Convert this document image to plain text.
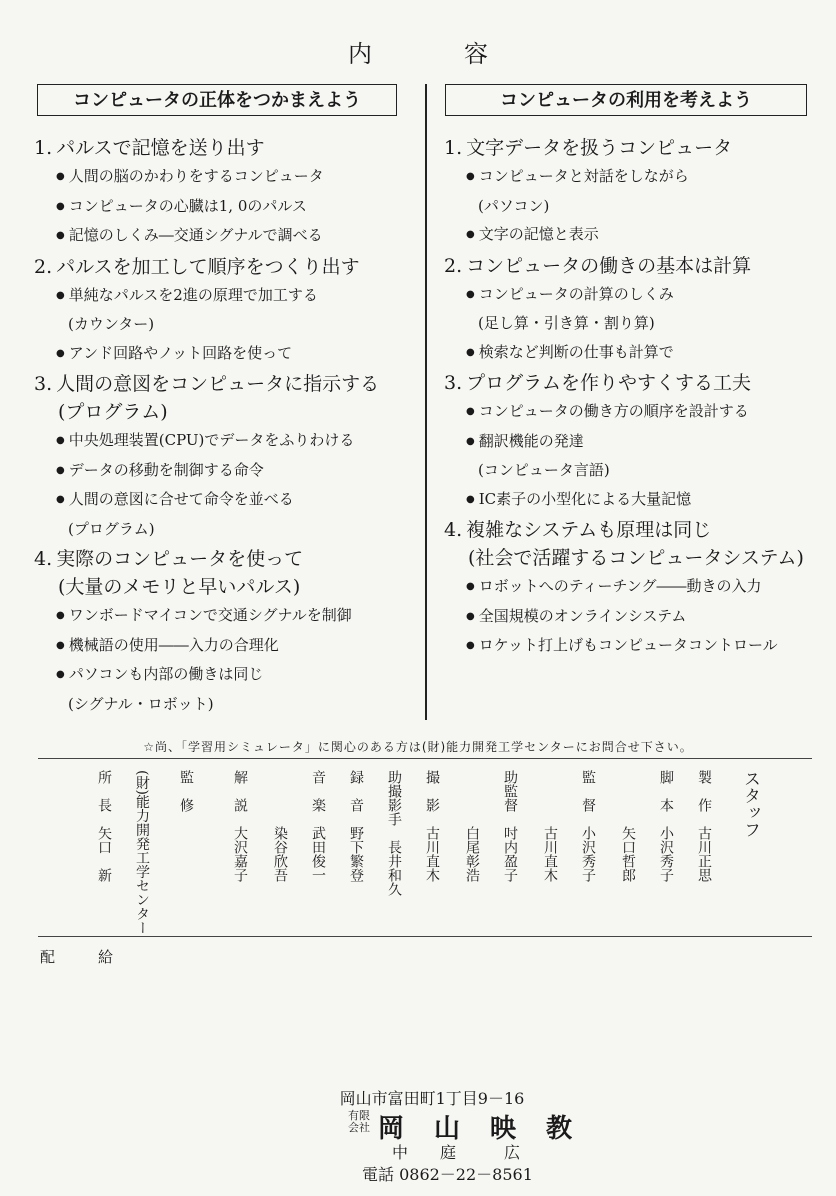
内　容
コンピュータの正体をつかまえよう	コンピュータの利用を考えよう
1. パルスで記憶を送り出す
● 人間の脳のかわりをするコンピュータ
● コンピュータの心臓は1, 0のパルス
● 記憶のしくみ―交通シグナルで調べる
2. パルスを加工して順序をつくり出す
● 単純なパルスを2進の原理で加工する
(カウンター)
● アンド回路やノット回路を使って
3. 人間の意図をコンピュータに指示する
(プログラム)
● 中央処理装置(CPU)でデータをふりわける
● データの移動を制御する命令
● 人間の意図に合せて命令を並べる
(プログラム)
4. 実際のコンピュータを使って
(大量のメモリと早いパルス)
● ワンボードマイコンで交通シグナルを制御
● 機械語の使用――入力の合理化
● パソコンも内部の働きは同じ
(シグナル・ロボット)
1. 文字データを扱うコンピュータ
● コンピュータと対話をしながら
(パソコン)
● 文字の記憶と表示
2. コンピュータの働きの基本は計算
● コンピュータの計算のしくみ
(足し算・引き算・割り算)
● 検索など判断の仕事も計算で
3. プログラムを作りやすくする工夫
● コンピュータの働き方の順序を設計する
● 翻訳機能の発達
(コンピュータ言語)
● IC素子の小型化による大量記憶
4. 複雑なシステムも原理は同じ
(社会で活躍するコンピュータシステム)
● ロボットへのティーチング――動きの入力
● 全国規模のオンラインシステム
● ロケット打上げもコンピュータコントロール
☆尚、「学習用シミュレータ」に関心のある方は(財)能力開発工学センターにお問合せ下さい。
所　長　矢口　新 (財)能力開発工学センター 監　修	解　説　大沢嘉子 　　　　染谷欣吾 音　楽　武田俊一 録　音　野下繁登 助撮影手　長井和久 撮　影　古川直木 　　　　白尾彰浩 助監督　吋内盈子 　　　　古川直木 監　督　小沢秀子 　　　　矢口哲郎 脚　本　小沢秀子 製　作　古川正思 スタッフ
配　給
岡山市富田町1丁目9－16
有限会社 岡　山　映　教
中　　庭　　　広
電話 0862－22－8561
